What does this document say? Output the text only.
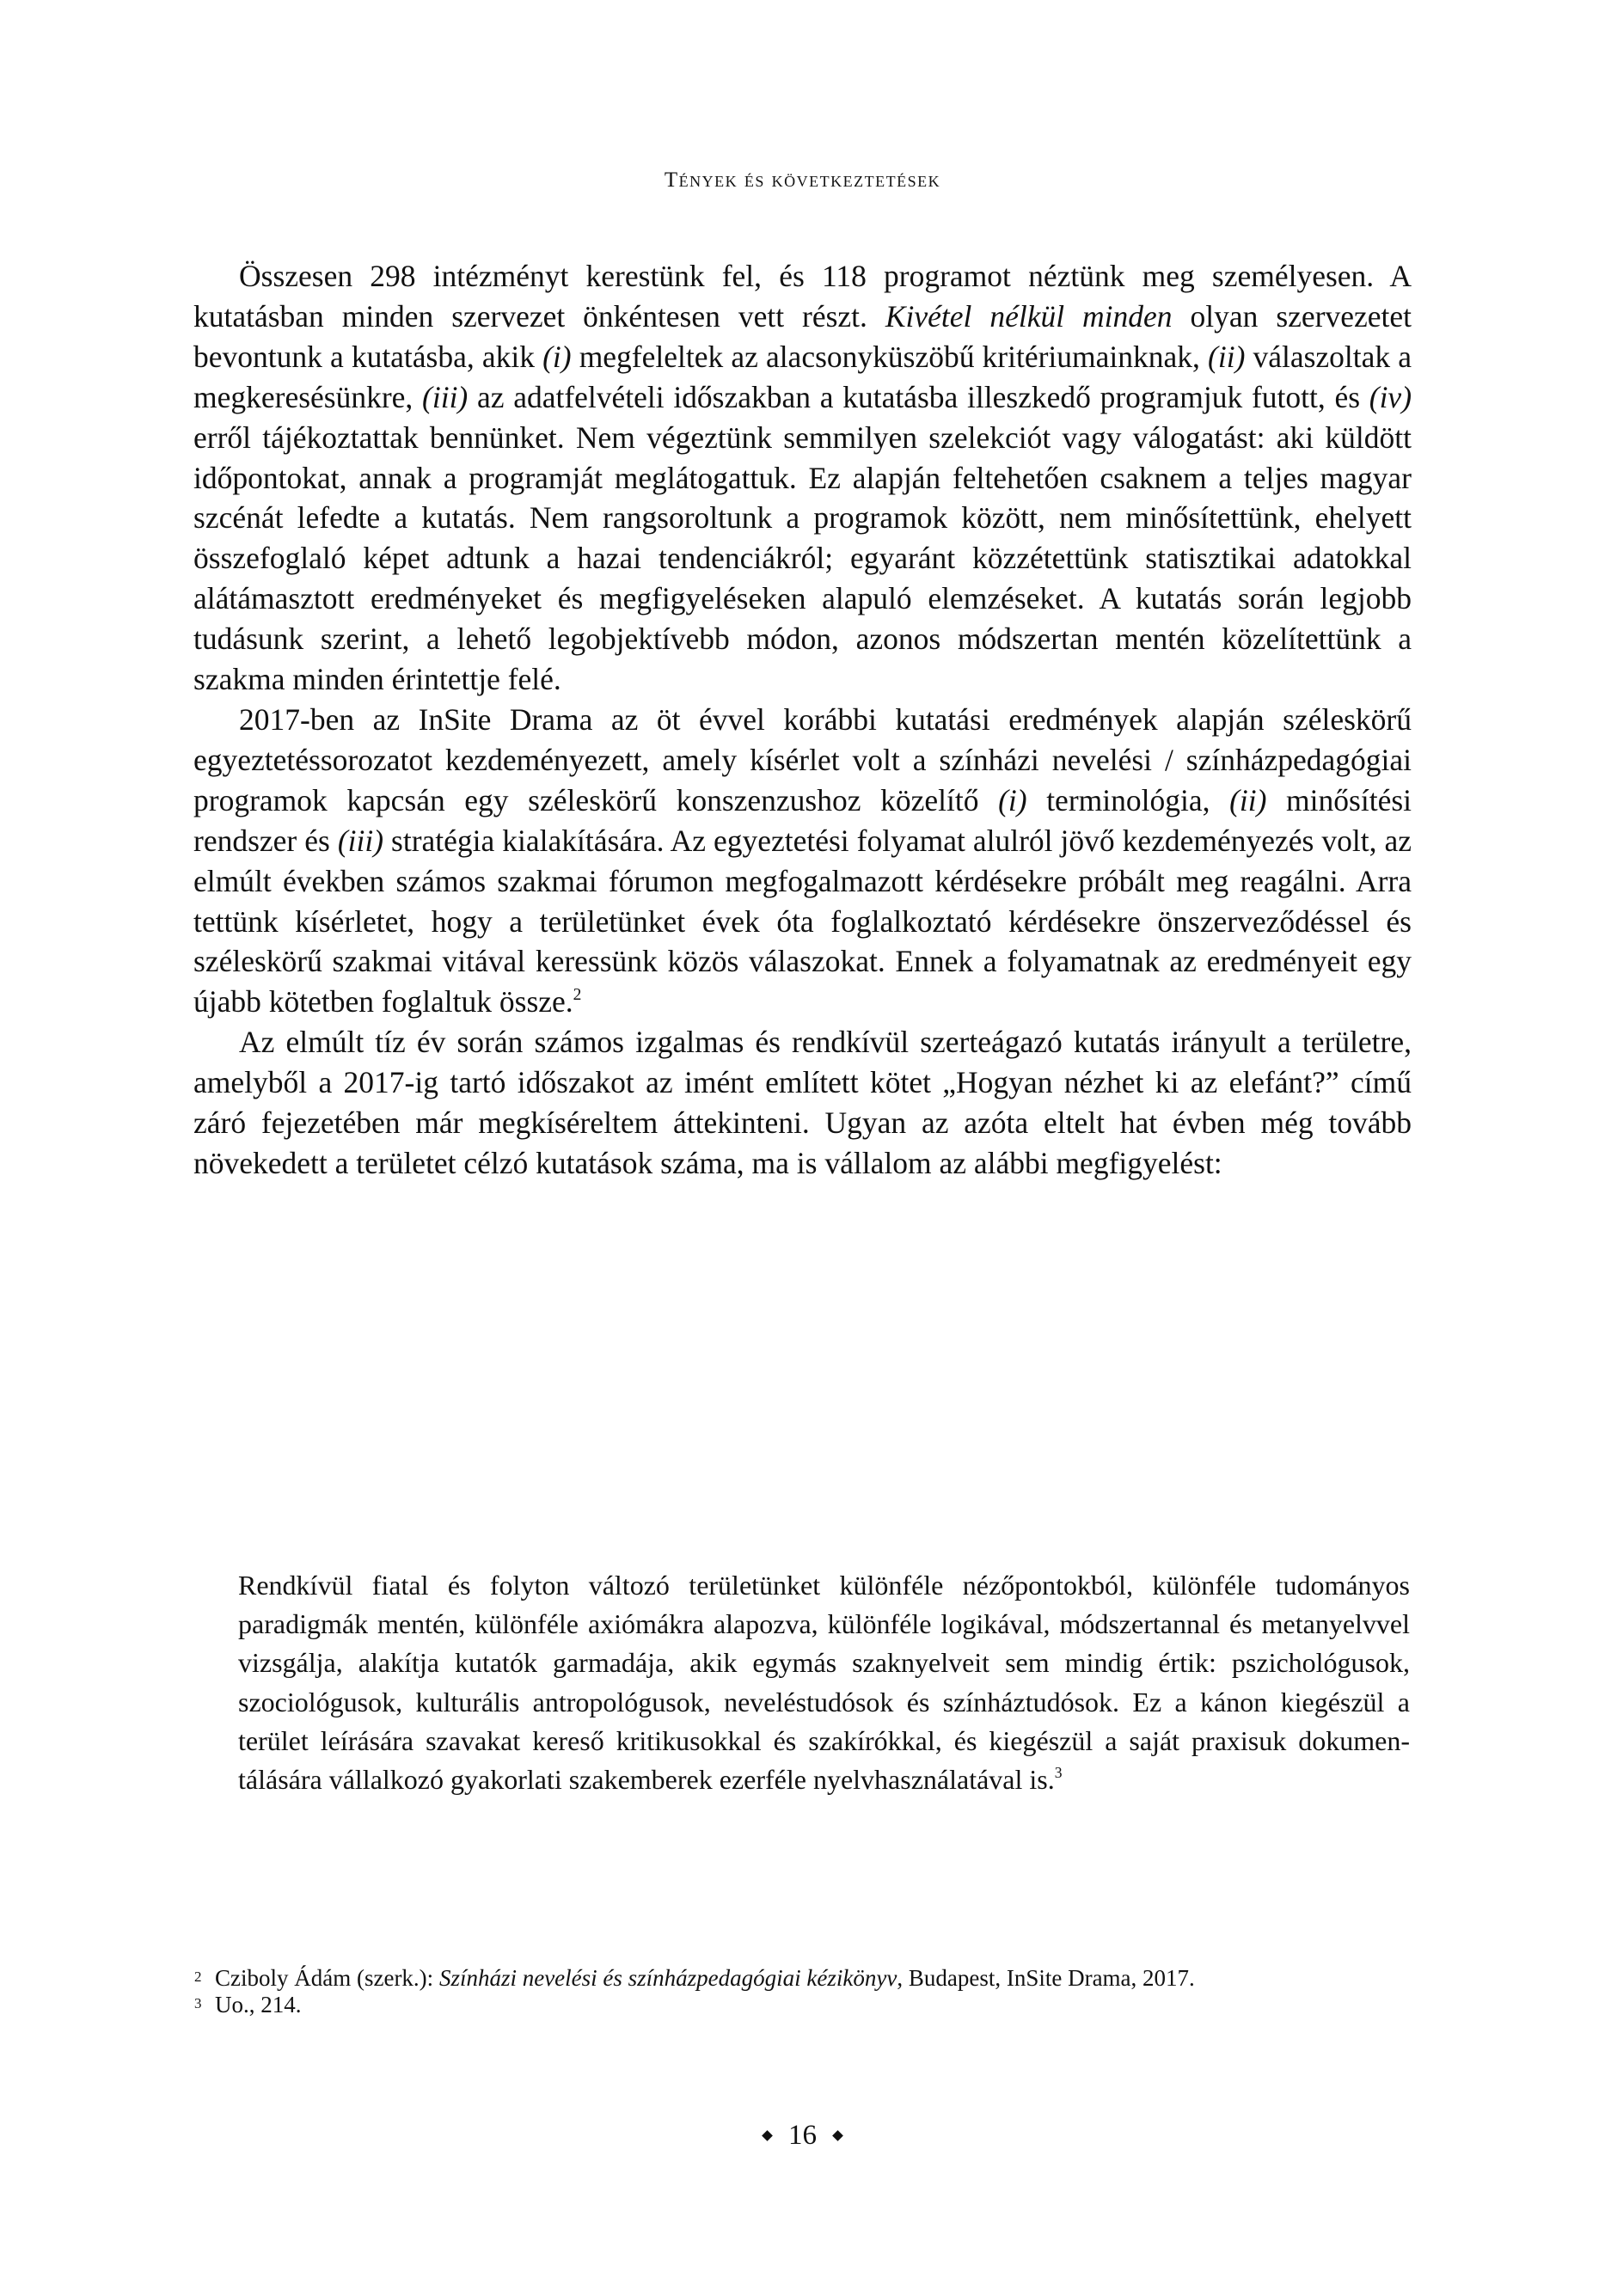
Tények és következtetések

Összesen 298 intézményt kerestünk fel, és 118 programot néztünk meg személyesen. A kutatásban minden szervezet önkéntesen vett részt. Kivétel nélkül minden olyan szervezetet bevontunk a kutatásba, akik (i) megfeleltek az alacsonyküszöbű kritériumainknak, (ii) válaszoltak a megkeresésünkre, (iii) az adatfelvételi időszakban a kutatásba illeszkedő programjuk futott, és (iv) erről tájékoztattak bennünket. Nem végeztünk semmilyen szelekciót vagy válogatást: aki küldött időpontokat, annak a programját meglátogattuk. Ez alapján feltehetően csaknem a teljes magyar szcénát lefedte a kutatás. Nem rangsoroltunk a programok között, nem minősítettünk, ehelyett összefoglaló képet adtunk a hazai tendenciákról; egyaránt közzétettünk statisztikai adatokkal alátámasztott eredményeket és megfigyeléseken alapuló elemzéseket. A kutatás során legjobb tudásunk szerint, a lehető legobjektívebb módon, azonos módszertan mentén közelítettünk a szakma minden érintettje felé.

2017-ben az InSite Drama az öt évvel korábbi kutatási eredmények alapján széleskörű egyeztetéssorozatot kezdeményezett, amely kísérlet volt a színházi nevelési / színházpedagógiai programok kapcsán egy széleskörű konszenzushoz közelítő (i) terminológia, (ii) minősítési rendszer és (iii) stratégia kialakítására. Az egyeztetési folyamat alulról jövő kezdeményezés volt, az elmúlt években számos szakmai fórumon megfogalmazott kérdésekre próbált meg reagálni. Arra tettünk kísérletet, hogy a területünket évek óta foglalkoztató kérdésekre önszerveződéssel és széleskörű szakmai vitával keressünk közös válaszokat. Ennek a folyamatnak az eredményeit egy újabb kötetben foglaltuk össze.$^2$

Az elmúlt tíz év során számos izgalmas és rendkívül szerteágazó kutatás irányult a területre, amelyből a 2017-ig tartó időszakot az imént említett kötet „Hogyan nézhet ki az elefánt?” című záró fejezetében már megkíséreltem áttekinteni. Ugyan az azóta eltelt hat évben még tovább növekedett a területet célzó kutatások száma, ma is vállalom az alábbi megfigyelést:

Rendkívül fiatal és folyton változó területünket különféle nézőpontokból, különféle tudományos paradigmák mentén, különféle axiómákra alapozva, különféle logikával, módszertannal és metanyelvvel vizsgálja, alakítja kutatók garmadája, akik egymás szaknyelveit sem mindig értik: pszichológusok, szociológusok, kulturális antropológusok, neveléstudósok és színháztudósok. Ez a kánon kiegészül a terület leírására szavakat kereső kritikusokkal és szakírókkal, és kiegészül a saját praxisuk dokumentálására vállalkozó gyakorlati szakemberek ezerféle nyelvhasználatával is.$^3$

2 Cziboly Ádám (szerk.): Színházi nevelési és színházpedagógiai kézikönyv, Budapest, InSite Drama, 2017.
3 Uo., 214.
16
